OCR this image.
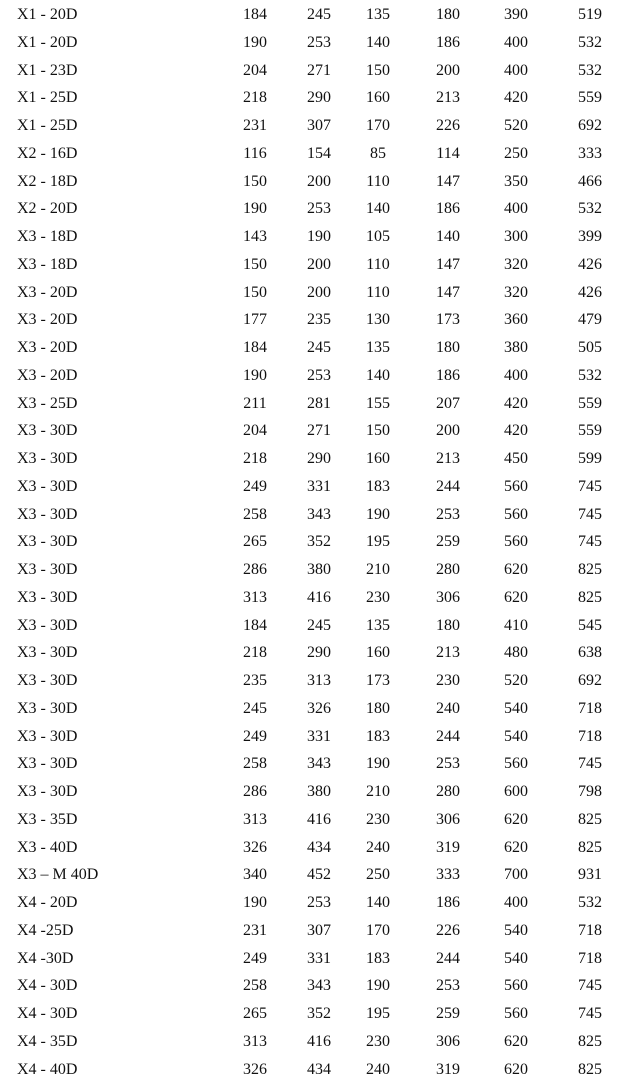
X1 - 20D	184	245	135	180	390	519
X1 - 20D	190	253	140	186	400	532
X1 - 23D	204	271	150	200	400	532
X1 - 25D	218	290	160	213	420	559
X1 - 25D	231	307	170	226	520	692
X2 - 16D	116	154	85	114	250	333
X2 - 18D	150	200	110	147	350	466
X2 - 20D	190	253	140	186	400	532
X3 - 18D	143	190	105	140	300	399
X3 - 18D	150	200	110	147	320	426
X3 - 20D	150	200	110	147	320	426
X3 - 20D	177	235	130	173	360	479
X3 - 20D	184	245	135	180	380	505
X3 - 20D	190	253	140	186	400	532
X3 - 25D	211	281	155	207	420	559
X3 - 30D	204	271	150	200	420	559
X3 - 30D	218	290	160	213	450	599
X3 - 30D	249	331	183	244	560	745
X3 - 30D	258	343	190	253	560	745
X3 - 30D	265	352	195	259	560	745
X3 - 30D	286	380	210	280	620	825
X3 - 30D	313	416	230	306	620	825
X3 - 30D	184	245	135	180	410	545
X3 - 30D	218	290	160	213	480	638
X3 - 30D	235	313	173	230	520	692
X3 - 30D	245	326	180	240	540	718
X3 - 30D	249	331	183	244	540	718
X3 - 30D	258	343	190	253	560	745
X3 - 30D	286	380	210	280	600	798
X3 - 35D	313	416	230	306	620	825
X3 - 40D	326	434	240	319	620	825
X3 – M 40D	340	452	250	333	700	931
X4 - 20D	190	253	140	186	400	532
X4 -25D	231	307	170	226	540	718
X4 -30D	249	331	183	244	540	718
X4 - 30D	258	343	190	253	560	745
X4 - 30D	265	352	195	259	560	745
X4 - 35D	313	416	230	306	620	825
X4 - 40D	326	434	240	319	620	825
